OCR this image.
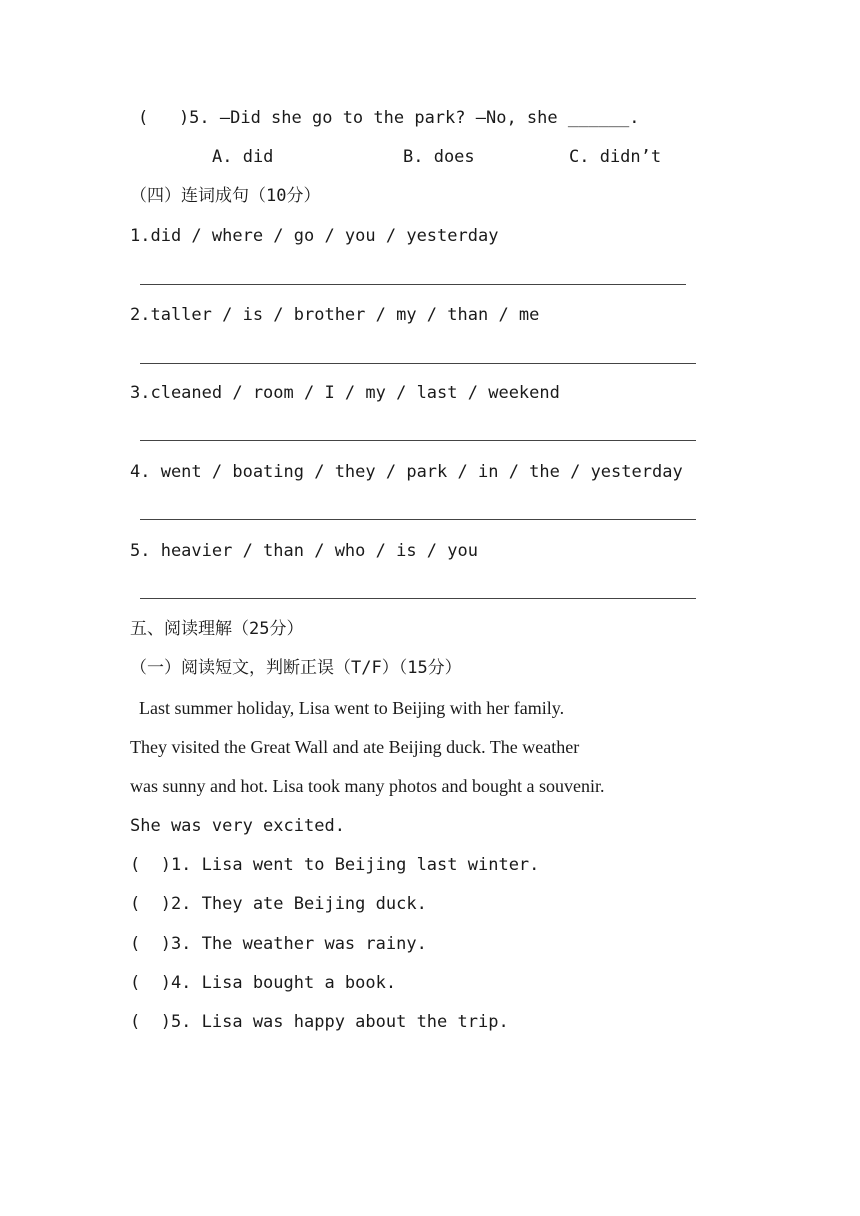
(   )5. —Did she go to the park? —No, she ______.
A. did	B. does	C. didn’t
（四）连词成句（10分）
1.did / where / go / you / yesterday
2.taller / is / brother / my / than / me
3.cleaned / room / I / my / last / weekend
4. went / boating / they / park / in / the / yesterday
5. heavier / than / who / is / you
五、阅读理解（25分）
（一）阅读短文，判断正误（T/F）（15分）
Last summer holiday, Lisa went to Beijing with her family.
They visited the Great Wall and ate Beijing duck. The weather
was sunny and hot. Lisa took many photos and bought a souvenir.
She was very excited.
(  )1. Lisa went to Beijing last winter.
(  )2. They ate Beijing duck.
(  )3. The weather was rainy.
(  )4. Lisa bought a book.
(  )5. Lisa was happy about the trip.
